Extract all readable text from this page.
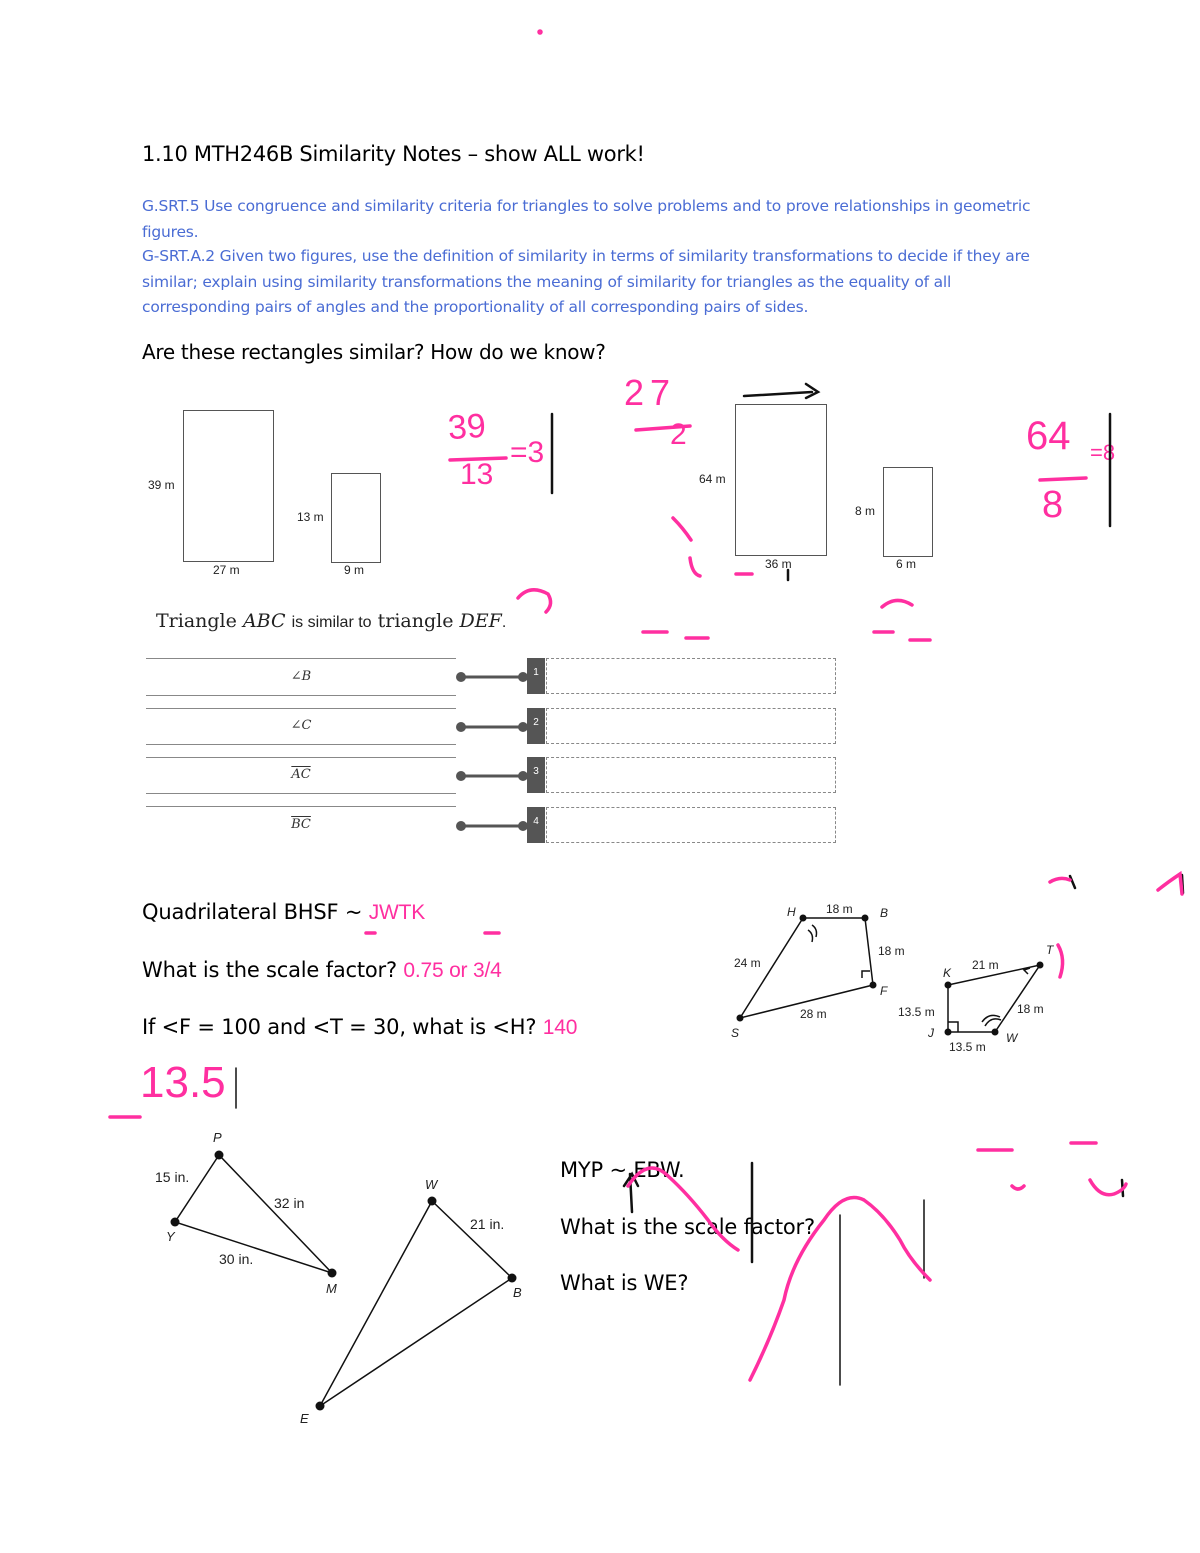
1.10 MTH246B Similarity Notes – show ALL work!
G.SRT.5 Use congruence and similarity criteria for triangles to solve problems and to prove relationships in geometric figures.
G-SRT.A.2 Given two figures, use the definition of similarity in terms of similarity transformations to decide if they are similar; explain using similarity transformations the meaning of similarity for triangles as the equality of all corresponding pairs of angles and the proportionality of all corresponding pairs of sides.
Are these rectangles similar? How do we know?
39 m
27 m
13 m
9 m
64 m
36 m
8 m
6 m
Triangle ABC is similar to triangle DEF.
∠B
∠C
$\overline{AC}$
$\overline{BC}$
1
2
3
4
Quadrilateral BHSF ~ JWTK
What is the scale factor? 0.75 or 3/4
If <F = 100 and <T = 30, what is <H? 140
H	18 m B
18 m
24 m
F
28 m
S
K
21 m
T
13.5 m	18 m
J	W
13.5 m
P
15 in.
32 in
Y
30 in.
M
W
21 in.
B
E
MYP ~ EBW.
What is the scale factor?
What is WE?
39
13
=3
27
2	64
8
=8
13.5
